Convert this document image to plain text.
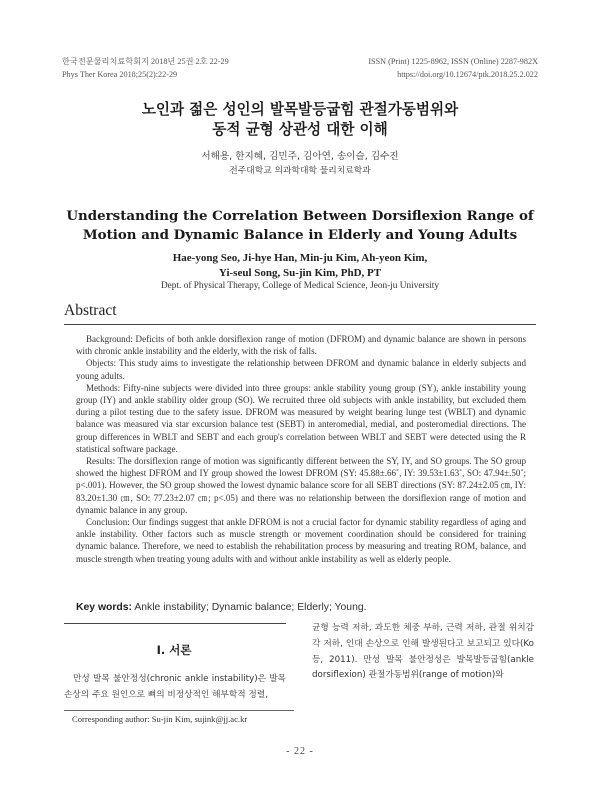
한국전문물리치료학회지 2018년 25권 2호 22-29	ISSN (Print) 1225-8962, ISSN (Online) 2287-982X
Phys Ther Korea 2018;25(2):22-29	https://doi.org/10.12674/ptk.2018.25.2.022
노인과 젊은 성인의 발목발등굽힘 관절가동범위와
동적 균형 상관성 대한 이해
서해용, 한지혜, 김민주, 김아연, 송이슬, 김수진
전주대학교 의과학대학 물리치료학과
Understanding the Correlation Between Dorsiflexion Range of
Motion and Dynamic Balance in Elderly and Young Adults
Hae-yong Seo, Ji-hye Han, Min-ju Kim, Ah-yeon Kim,
Yi-seul Song, Su-jin Kim, PhD, PT
Dept. of Physical Therapy, College of Medical Science, Jeon-ju University
Abstract

Background: Deficits of both ankle dorsiflexion range of motion (DFROM) and dynamic balance are shown in persons with chronic ankle instability and the elderly, with the risk of falls.

Objects: This study aims to investigate the relationship between DFROM and dynamic balance in elderly subjects and young adults.

Methods: Fifty-nine subjects were divided into three groups: ankle stability young group (SY), ankle instability young group (IY) and ankle stability older group (SO). We recruited three old subjects with ankle instability, but excluded them during a pilot testing due to the safety issue. DFROM was measured by weight bearing lunge test (WBLT) and dynamic balance was measured via star excursion balance test (SEBT) in anteromedial, medial, and posteromedial directions. The group differences in WBLT and SEBT and each group's correlation between WBLT and SEBT were detected using the R statistical software package.

Results: The dorsiflexion range of motion was significantly different between the SY, IY, and SO groups. The SO group showed the highest DFROM and IY group showed the lowest DFROM (SY: 45.88±.66˚, IY: 39.53±1.63˚, SO: 47.94±.50˚; p<.001). However, the SO group showed the lowest dynamic balance score for all SEBT directions (SY: 87.24±2.05 ㎝, IY: 83.20±1.30 ㎝, SO: 77.23±2.07 ㎝; p<.05) and there was no relationship between the dorsiflexion range of motion and dynamic balance in any group.

Conclusion: Our findings suggest that ankle DFROM is not a crucial factor for dynamic stability regardless of aging and ankle instability. Other factors such as muscle strength or movement coordination should be considered for training dynamic balance. Therefore, we need to establish the rehabilitation process by measuring and treating ROM, balance, and muscle strength when treating young adults with and without ankle instability as well as elderly people.

Key words: Ankle instability; Dynamic balance; Elderly; Young.
Ⅰ. 서론

만성 발목 불안정성(chronic ankle instability)은 발목 손상의 주요 원인으로 뼈의 비정상적인 해부학적 정렬,

균형 능력 저하, 과도한 체중 부하, 근력 저하, 관절 위치감각 저하, 인대 손상으로 인해 발생된다고 보고되고 있다(Ko 등, 2011). 만성 발목 불안정성은 발목발등굽힘(ankle dorsiflexion) 관절가동범위(range of motion)와

Corresponding author: Su-jin Kim, sujink@jj.ac.kr
- 22 -
